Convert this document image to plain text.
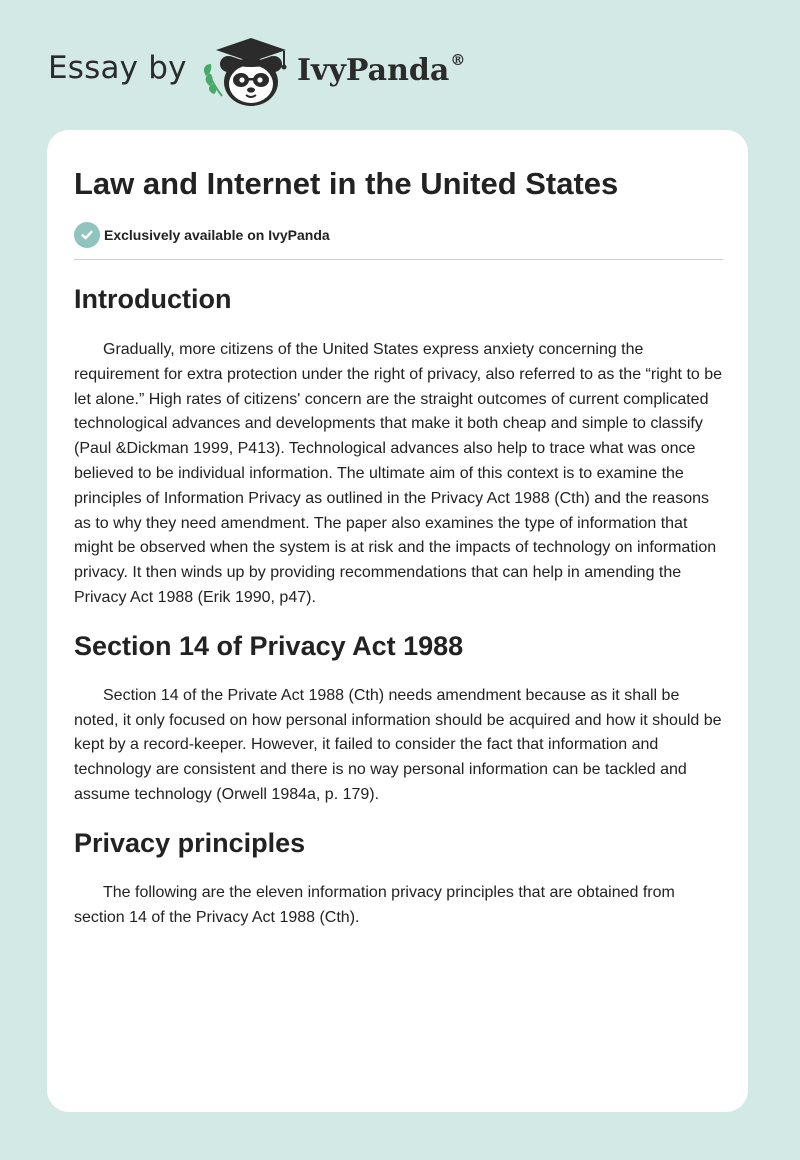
Essay by	IvyPanda®
Law and Internet in the United States
Exclusively available on IvyPanda
Introduction

Gradually, more citizens of the United States express anxiety concerning the requirement for extra protection under the right of privacy, also referred to as the “right to be let alone.” High rates of citizens' concern are the straight outcomes of current complicated technological advances and developments that make it both cheap and simple to classify (Paul &Dickman 1999, P413). Technological advances also help to trace what was once believed to be individual information. The ultimate aim of this context is to examine the principles of Information Privacy as outlined in the Privacy Act 1988 (Cth) and the reasons as to why they need amendment. The paper also examines the type of information that might be observed when the system is at risk and the impacts of technology on information privacy. It then winds up by providing recommendations that can help in amending the Privacy Act 1988 (Erik 1990, p47).

Section 14 of Privacy Act 1988

Section 14 of the Private Act 1988 (Cth) needs amendment because as it shall be noted, it only focused on how personal information should be acquired and how it should be kept by a record-keeper. However, it failed to consider the fact that information and technology are consistent and there is no way personal information can be tackled and assume technology (Orwell 1984a, p. 179).

Privacy principles

The following are the eleven information privacy principles that are obtained from section 14 of the Privacy Act 1988 (Cth).
